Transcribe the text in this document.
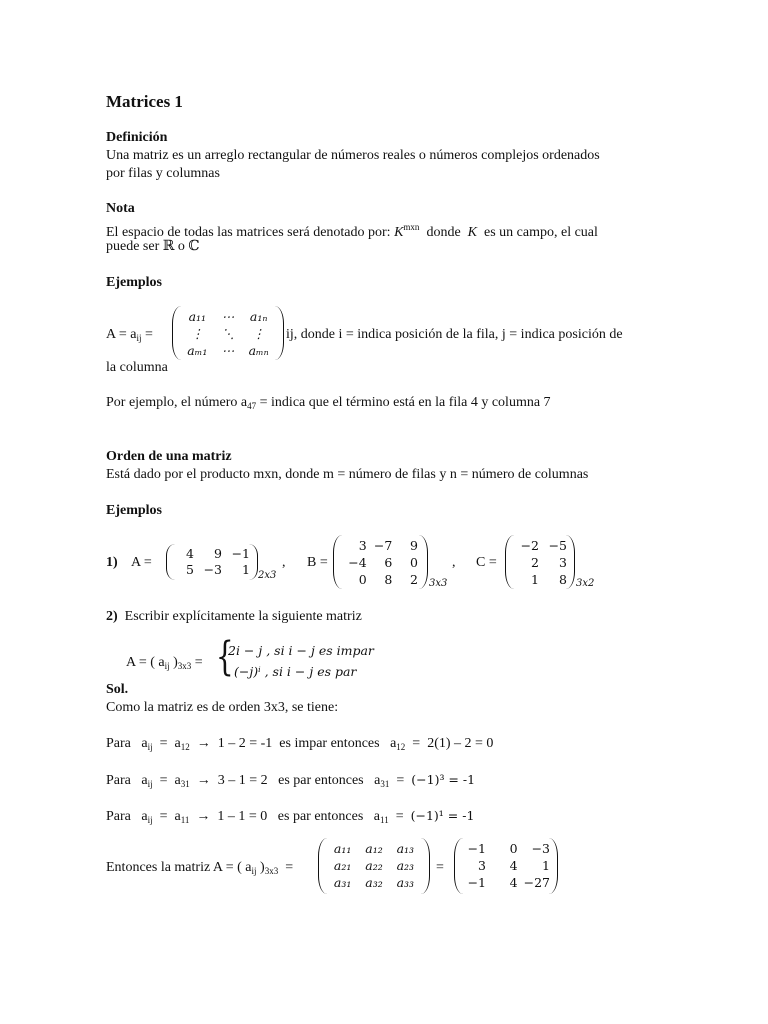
Matrices 1
Definición
Una matriz es un arreglo rectangular de números reales o números complejos ordenados
por filas y columnas
Nota
El espacio de todas las matrices será denotado por: $K^{mxn}$  donde  K  es un campo, el cual
puede ser ℝ o ℂ
Ejemplos
$A = a_{ij}$ =
a₁₁	⋯	a₁ₙ
⋮	⋱	⋮
aₘ₁	⋯	aₘₙ
ij, donde i = indica posición de la fila, j = indica posición de
la columna
Por ejemplo, el número $a_{47}$ = indica que el término está en la fila 4 y columna 7
Orden de una matriz
Está dado por el producto mxn, donde m = número de filas y n = número de columnas
Ejemplos
1) A =
4	9 −1
5 −3	1 2x3
, B =
3 −7	9
−4	6	0
0	8	2 3x3
, C =
−2 −5
2	3
1	8 3x2
2) Escribir explícitamente la siguiente matriz
A = ( $a_{ij}$ )$_{3x3}$ = {
2i − j , si i − j es impar
(−j)ⁱ , si i − j es par
Sol.
Como la matriz es de orden 3x3, se tiene:
Para   $a_{ij} = a_{12} \to 1 - 2 = -1$  es impar entonces   $a_{12} = 2(1) - 2 = 0$
Para   $a_{ij} = a_{31} \to 3 - 1 = 2$   es par entonces   $a_{31} = (-1)^3 = -1$
Para   $a_{ij} = a_{11} \to 1 - 1 = 0$   es par entonces   $a_{11} = (-1)^1 = -1$
Entonces la matriz A = ( $a_{ij}$ )$_{3x3}$  =
a₁₁	a₁₂	a₁₃
a₂₁	a₂₂	a₂₃
a₃₁	a₃₂	a₃₃
=
−1	0	−3
3	4	1
−1	4 −27
